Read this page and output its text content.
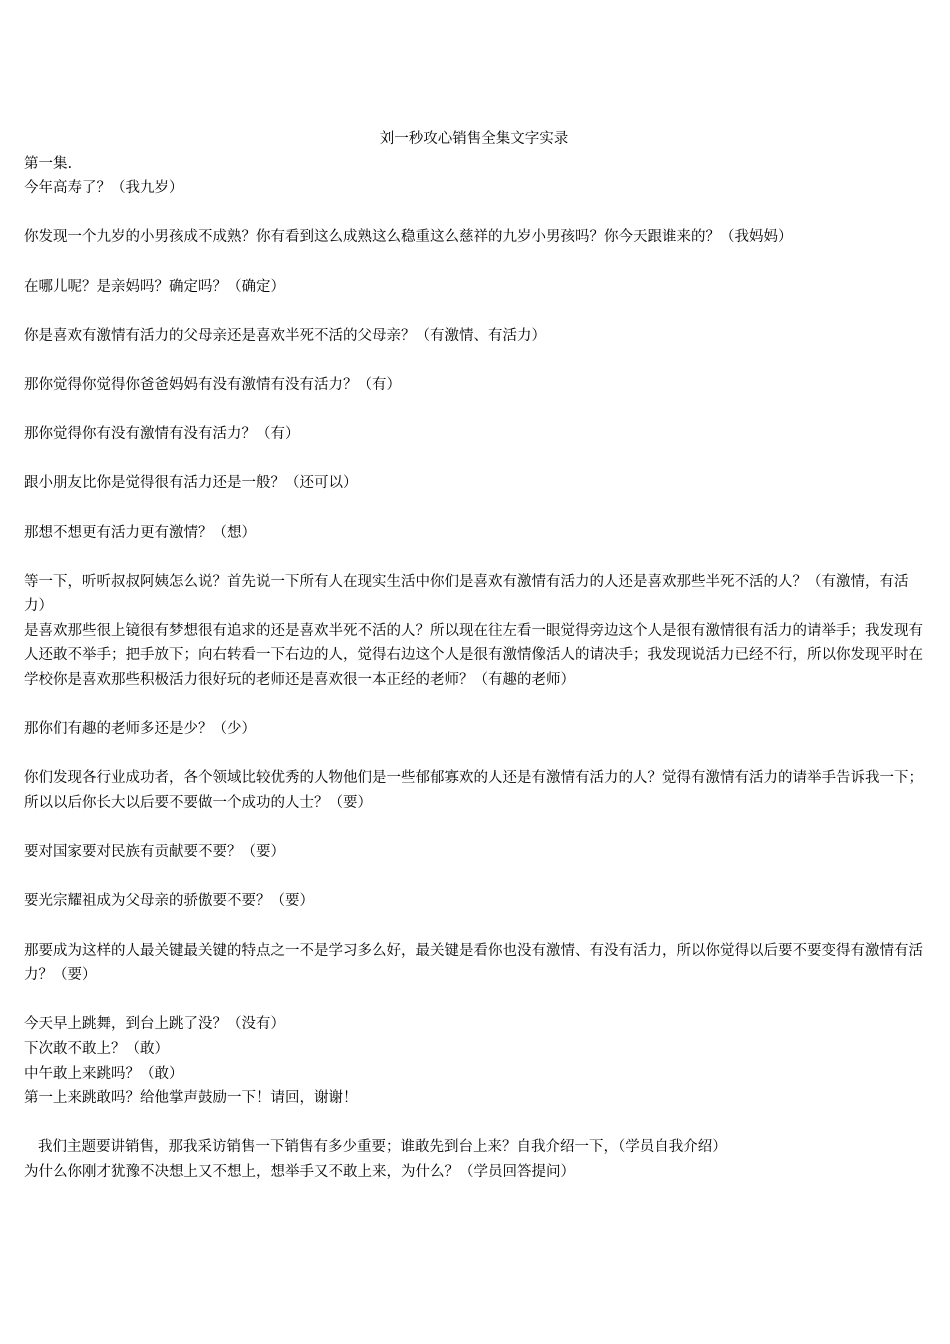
刘一秒攻心销售全集文字实录

第一集.

今年高寿了？（我九岁）

你发现一个九岁的小男孩成不成熟？你有看到这么成熟这么稳重这么慈祥的九岁小男孩吗？你今天跟谁来的？（我妈妈）

在哪儿呢？是亲妈吗？确定吗？（确定）

你是喜欢有激情有活力的父母亲还是喜欢半死不活的父母亲？（有激情、有活力）

那你觉得你觉得你爸爸妈妈有没有激情有没有活力？（有）

那你觉得你有没有激情有没有活力？（有）

跟小朋友比你是觉得很有活力还是一般？（还可以）

那想不想更有活力更有激情？（想）

等一下，听听叔叔阿姨怎么说？首先说一下所有人在现实生活中你们是喜欢有激情有活力的人还是喜欢那些半死不活的人？（有激情，有活力）

是喜欢那些很上镜很有梦想很有追求的还是喜欢半死不活的人？所以现在往左看一眼觉得旁边这个人是很有激情很有活力的请举手；我发现有人还敢不举手；把手放下；向右转看一下右边的人，觉得右边这个人是很有激情像活人的请决手；我发现说活力已经不行，所以你发现平时在学校你是喜欢那些积极活力很好玩的老师还是喜欢很一本正经的老师？（有趣的老师）

那你们有趣的老师多还是少？（少）

你们发现各行业成功者，各个领域比较优秀的人物他们是一些郁郁寡欢的人还是有激情有活力的人？觉得有激情有活力的请举手告诉我一下；所以以后你长大以后要不要做一个成功的人士？（要）

要对国家要对民族有贡献要不要？（要）

要光宗耀祖成为父母亲的骄傲要不要？（要）

那要成为这样的人最关键最关键的特点之一不是学习多么好，最关键是看你也没有激情、有没有活力，所以你觉得以后要不要变得有激情有活力？（要）

今天早上跳舞，到台上跳了没？（没有）

下次敢不敢上？（敢）

中午敢上来跳吗？（敢）

第一上来跳敢吗？给他掌声鼓励一下！请回，谢谢！

我们主题要讲销售，那我采访销售一下销售有多少重要；谁敢先到台上来？自我介绍一下，（学员自我介绍）

为什么你刚才犹豫不决想上又不想上，想举手又不敢上来，为什么？（学员回答提问）
